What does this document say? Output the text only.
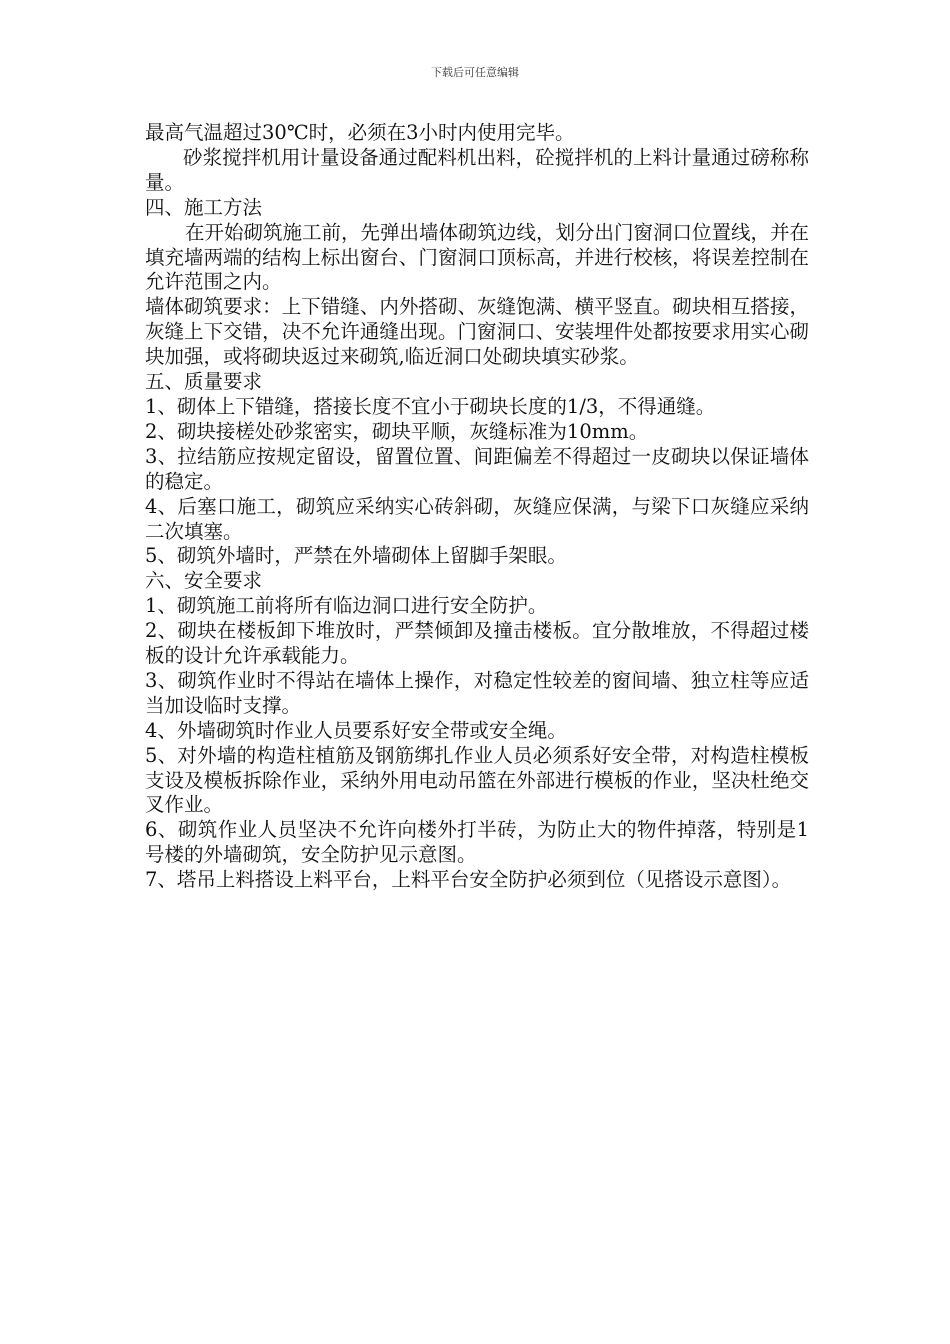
下载后可任意编辑

最高气温超过30℃时，必须在3小时内使用完毕。

砂浆搅拌机用计量设备通过配料机出料，砼搅拌机的上料计量通过磅称称量。

四、施工方法

在开始砌筑施工前，先弹出墙体砌筑边线，划分出门窗洞口位置线，并在填充墙两端的结构上标出窗台、门窗洞口顶标高，并进行校核，将误差控制在允许范围之内。

墙体砌筑要求：上下错缝、内外搭砌、灰缝饱满、横平竖直。砌块相互搭接，灰缝上下交错，决不允许通缝出现。门窗洞口、安装埋件处都按要求用实心砌块加强，或将砌块返过来砌筑,临近洞口处砌块填实砂浆。

五、质量要求

1、砌体上下错缝，搭接长度不宜小于砌块长度的1/3，不得通缝。

2、砌块接槎处砂浆密实，砌块平顺，灰缝标准为10mm。

3、拉结筋应按规定留设，留置位置、间距偏差不得超过一皮砌块以保证墙体的稳定。

4、后塞口施工，砌筑应采纳实心砖斜砌，灰缝应保满，与梁下口灰缝应采纳二次填塞。

5、砌筑外墙时，严禁在外墙砌体上留脚手架眼。

六、安全要求

1、砌筑施工前将所有临边洞口进行安全防护。

2、砌块在楼板卸下堆放时，严禁倾卸及撞击楼板。宜分散堆放，不得超过楼板的设计允许承载能力。

3、砌筑作业时不得站在墙体上操作，对稳定性较差的窗间墙、独立柱等应适当加设临时支撑。

4、外墙砌筑时作业人员要系好安全带或安全绳。

5、对外墙的构造柱植筋及钢筋绑扎作业人员必须系好安全带，对构造柱模板支设及模板拆除作业，采纳外用电动吊篮在外部进行模板的作业，坚决杜绝交叉作业。

6、砌筑作业人员坚决不允许向楼外打半砖，为防止大的物件掉落，特别是1号楼的外墙砌筑，安全防护见示意图。

7、塔吊上料搭设上料平台，上料平台安全防护必须到位（见搭设示意图）。
